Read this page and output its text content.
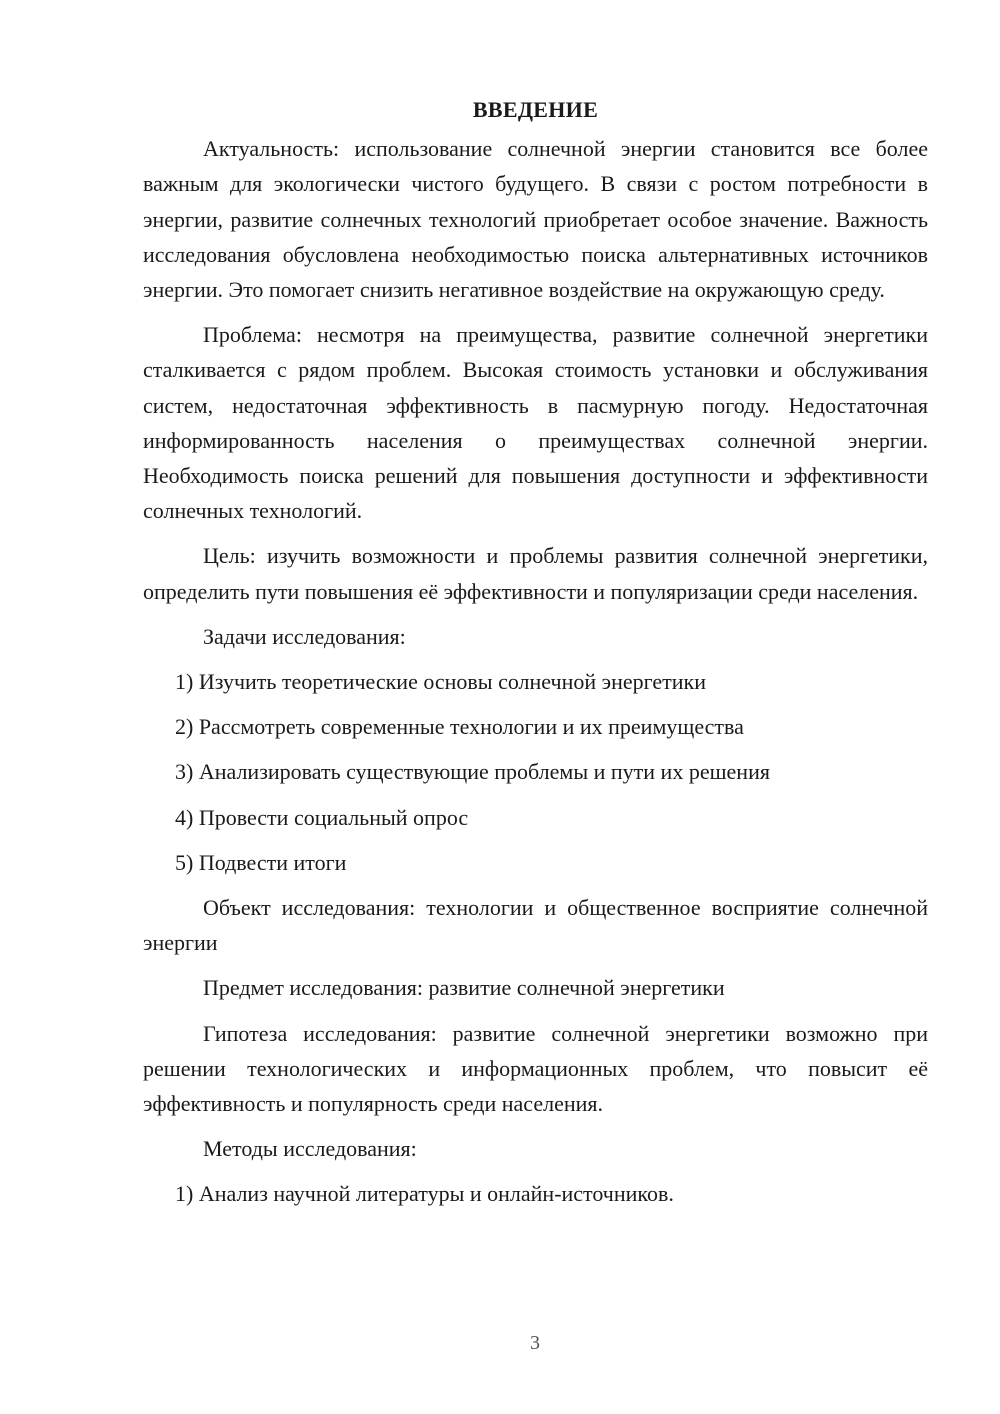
ВВЕДЕНИЕ

Актуальность: использование солнечной энергии становится все более важным для экологически чистого будущего. В связи с ростом потребности в энергии, развитие солнечных технологий приобретает особое значение. Важность исследования обусловлена необходимостью поиска альтернативных источников энергии. Это помогает снизить негативное воздействие на окружающую среду.

Проблема: несмотря на преимущества, развитие солнечной энергетики сталкивается с рядом проблем. Высокая стоимость установки и обслуживания систем, недостаточная эффективность в пасмурную погоду. Недостаточная информированность населения о преимуществах солнечной энергии. Необходимость поиска решений для повышения доступности и эффективности солнечных технологий.

Цель: изучить возможности и проблемы развития солнечной энергетики, определить пути повышения её эффективности и популяризации среди населения.

Задачи исследования:

1) Изучить теоретические основы солнечной энергетики
2) Рассмотреть современные технологии и их преимущества
3) Анализировать существующие проблемы и пути их решения
4) Провести социальный опрос
5) Подвести итоги

Объект исследования: технологии и общественное восприятие солнечной энергии

Предмет исследования: развитие солнечной энергетики

Гипотеза исследования: развитие солнечной энергетики возможно при решении технологических и информационных проблем, что повысит её эффективность и популярность среди населения.

Методы исследования:

1) Анализ научной литературы и онлайн-источников.
3
